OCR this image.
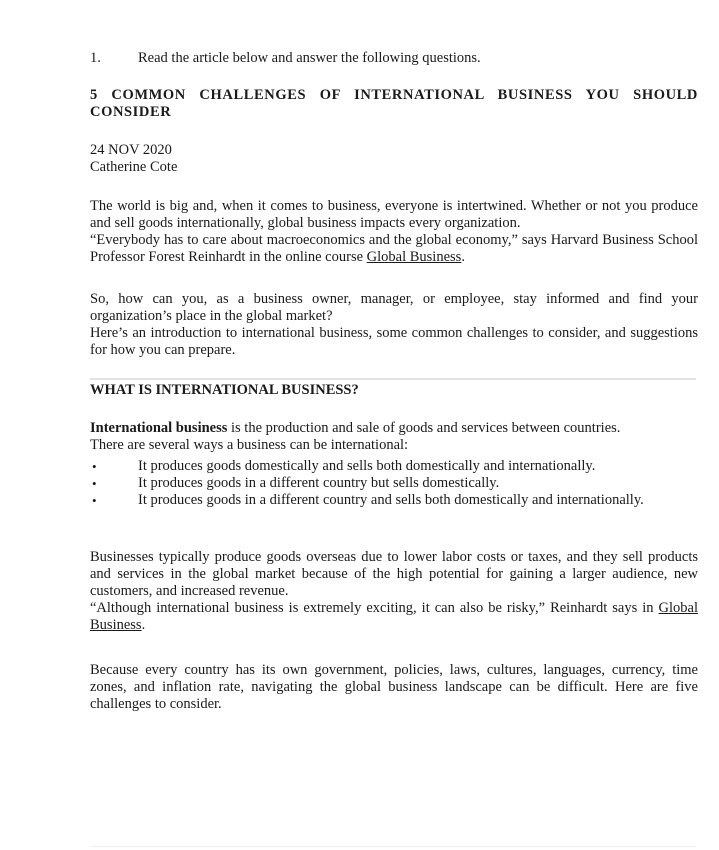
1.	Read the article below and answer the following questions.
5 COMMON CHALLENGES OF INTERNATIONAL BUSINESS YOU SHOULD CONSIDER
24 NOV 2020
Catherine Cote

The world is big and, when it comes to business, everyone is intertwined. Whether or not you produce and sell goods internationally, global business impacts every organization.

“Everybody has to care about macroeconomics and the global economy,” says Harvard Business School Professor Forest Reinhardt in the online course Global Business.

So, how can you, as a business owner, manager, or employee, stay informed and find your organization’s place in the global market?

Here’s an introduction to international business, some common challenges to consider, and suggestions for how you can prepare.

WHAT IS INTERNATIONAL BUSINESS?

International business is the production and sale of goods and services between countries.

There are several ways a business can be international:

•	It produces goods domestically and sells both domestically and internationally.
•	It produces goods in a different country but sells domestically.
•	It produces goods in a different country and sells both domestically and internationally.

Businesses typically produce goods overseas due to lower labor costs or taxes, and they sell products and services in the global market because of the high potential for gaining a larger audience, new customers, and increased revenue.

“Although international business is extremely exciting, it can also be risky,” Reinhardt says in Global Business.

Because every country has its own government, policies, laws, cultures, languages, currency, time zones, and inflation rate, navigating the global business landscape can be difficult. Here are five challenges to consider.
